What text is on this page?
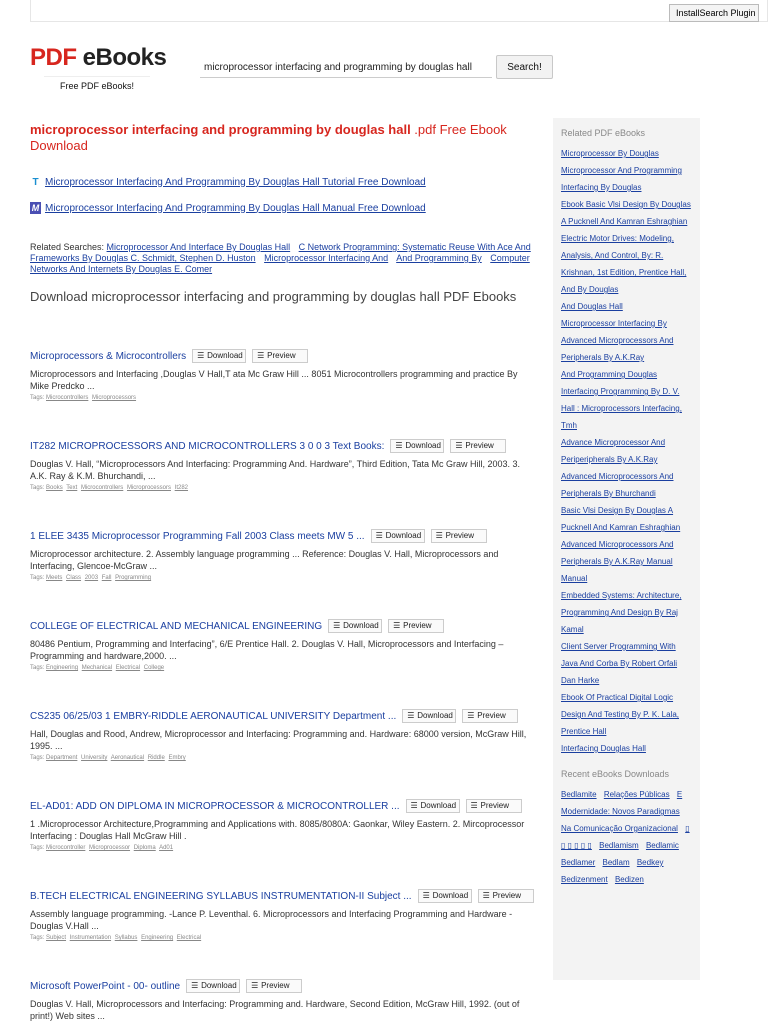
InstallSearch Plugin
PDF eBooks
Free PDF eBooks!
microprocessor interfacing and programming by douglas hall
Search!
microprocessor interfacing and programming by douglas hall .pdf Free Ebook Download
T Microprocessor Interfacing And Programming By Douglas Hall Tutorial Free Download
M Microprocessor Interfacing And Programming By Douglas Hall Manual Free Download
Related Searches: Microprocessor And Interface By Douglas Hall C Network Programming: Systematic Reuse With Ace And Frameworks By Douglas C. Schmidt, Stephen D. Huston Microprocessor Interfacing And And Programming By Computer Networks And Internets By Douglas E. Comer
Download microprocessor interfacing and programming by douglas hall PDF Ebooks
Microprocessors & Microcontrollers	☰ Download	☰ Preview
Microprocessors and Interfacing ,Douglas V Hall,T ata Mc Graw Hill ... 8051 Microcontrollers programming and practice By Mike Predcko ...
Tags: Microcontrollers Microprocessors
IT282 MICROPROCESSORS AND MICROCONTROLLERS 3 0 0 3 Text Books:	☰ Download	☰ Preview
Douglas V. Hall, “Microprocessors And Interfacing: Programming And. Hardware”, Third Edition, Tata Mc Graw Hill, 2003. 3. A.K. Ray & K.M. Bhurchandi, ...
Tags: Books Text Microcontrollers Microprocessors It282
1 ELEE 3435 Microprocessor Programming Fall 2003 Class meets MW 5 ...	☰ Download	☰ Preview
Microprocessor architecture. 2. Assembly language programming ... Reference: Douglas V. Hall, Microprocessors and Interfacing, Glencoe-McGraw ...
Tags: Meets Class 2003 Fall Programming
COLLEGE OF ELECTRICAL AND MECHANICAL ENGINEERING	☰ Download	☰ Preview
80486 Pentium, Programming and Interfacing”, 6/E Prentice Hall. 2. Douglas V. Hall, Microprocessors and Interfacing – Programming and hardware,2000. ...
Tags: Engineering Mechanical Electrical College
CS235 06/25/03 1 EMBRY-RIDDLE AERONAUTICAL UNIVERSITY Department ...	☰ Download	☰ Preview
Hall, Douglas and Rood, Andrew, Microprocessor and Interfacing: Programming and. Hardware: 68000 version, McGraw Hill, 1995. ...
Tags: Department University Aeronautical Riddle Embry
EL-AD01: ADD ON DIPLOMA IN MICROPROCESSOR & MICROCONTROLLER ...	☰ Download	☰ Preview
1 .Microprocessor Architecture,Programming and Applications with. 8085/8080A: Gaonkar, Wiley Eastern. 2. Mircoprocessor Interfacing : Douglas Hall McGraw Hill .
Tags: Microcontroller Microprocessor Diploma Ad01
B.TECH ELECTRICAL ENGINEERING SYLLABUS INSTRUMENTATION-II Subject ...	☰ Download	☰ Preview
Assembly language programming. -Lance P. Leventhal. 6. Microprocessors and Interfacing Programming and Hardware - Douglas V.Hall ...
Tags: Subject Instrumentation Syllabus Engineering Electrical
Microsoft PowerPoint - 00- outline	☰ Download	☰ Preview
Douglas V. Hall, Microprocessors and Interfacing: Programming and. Hardware, Second Edition, McGraw Hill, 1992. (out of print!) Web sites ...
Related PDF eBooks
Microprocessor By Douglas
Microprocessor And Programming
Interfacing By Douglas
Ebook Basic Vlsi Design By Douglas A Pucknell And Kamran Eshraghian
Electric Motor Drives: Modeling, Analysis, And Control, By: R. Krishnan, 1st Edition, Prentice Hall,
And By Douglas
And Douglas Hall
Microprocessor Interfacing By
Advanced Microprocessors And Peripherals By A.K.Ray
And Programming Douglas
Interfacing Programming By D. V. Hall : Microprocessors Interfacing, Tmh
Advance Microprocessor And Periperipherals By A.K.Ray
Advanced Microprocessors And Peripherals By Bhurchandi
Basic Vlsi Design By Douglas A Pucknell And Kamran Eshraghian
Advanced Microprocessors And Peripherals By A.K.Ray Manual Manual
Embedded Systems: Architecture, Programming And Design By Raj Kamal
Client Server Programming With Java And Corba By Robert Orfali Dan Harke
Ebook Of Practical Digital Logic Design And Testing By P. K. Lala, Prentice Hall
Interfacing Douglas Hall
Recent eBooks Downloads
Bedlamite Relações Públicas E Modernidade: Novos Paradigmas Na Comunicação Organizacional ▯ ▯ ▯ ▯ ▯ ▯ Bedlamism Bedlamic Bedlamer Bedlam Bedkey Bedizenment Bedizen
